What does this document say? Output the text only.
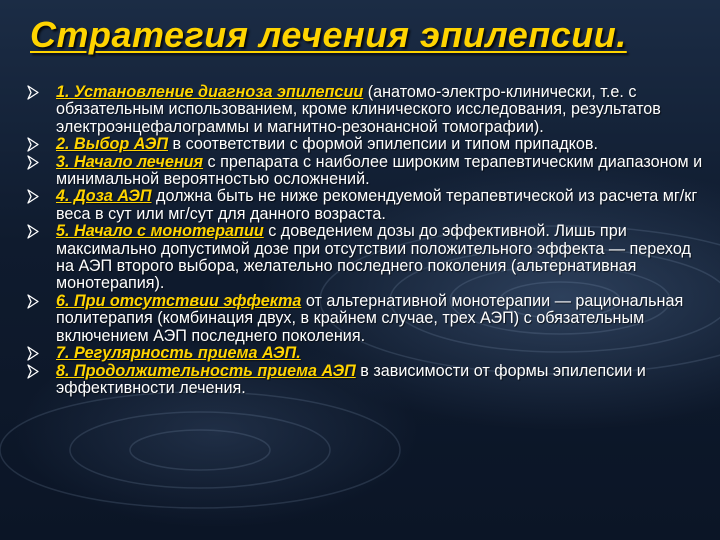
Стратегия лечения эпилепсии.
1. Установление диагноза эпилепсии (анатомо-электро-клинически, т.е. с обязательным использованием, кроме клинического исследования, результатов электроэнцефалограммы и магнитно-резонансной томографии).
2. Выбор АЭП в соответствии с формой эпилепсии и типом припадков.
3. Начало лечения с препарата с наиболее широким терапевтическим диапазоном и минимальной вероятностью осложнений.
4. Доза АЭП должна быть не ниже рекомендуемой терапевтической из расчета мг/кг веса в сут или мг/сут для данного возраста.
5. Начало с монотерапии с доведением дозы до эффективной. Лишь при максимально допустимой дозе при отсутствии положительного эффекта — переход на АЭП второго выбора, желательно последнего поколения (альтернативная монотерапия).
6. При отсутствии эффекта от альтернативной монотерапии — рациональная политерапия (комбинация двух, в крайнем случае, трех АЭП) с обязательным включением АЭП последнего поколения.
7. Регулярность приема АЭП.
8. Продолжительность приема АЭП в зависимости от формы эпилепсии и эффективности лечения.
